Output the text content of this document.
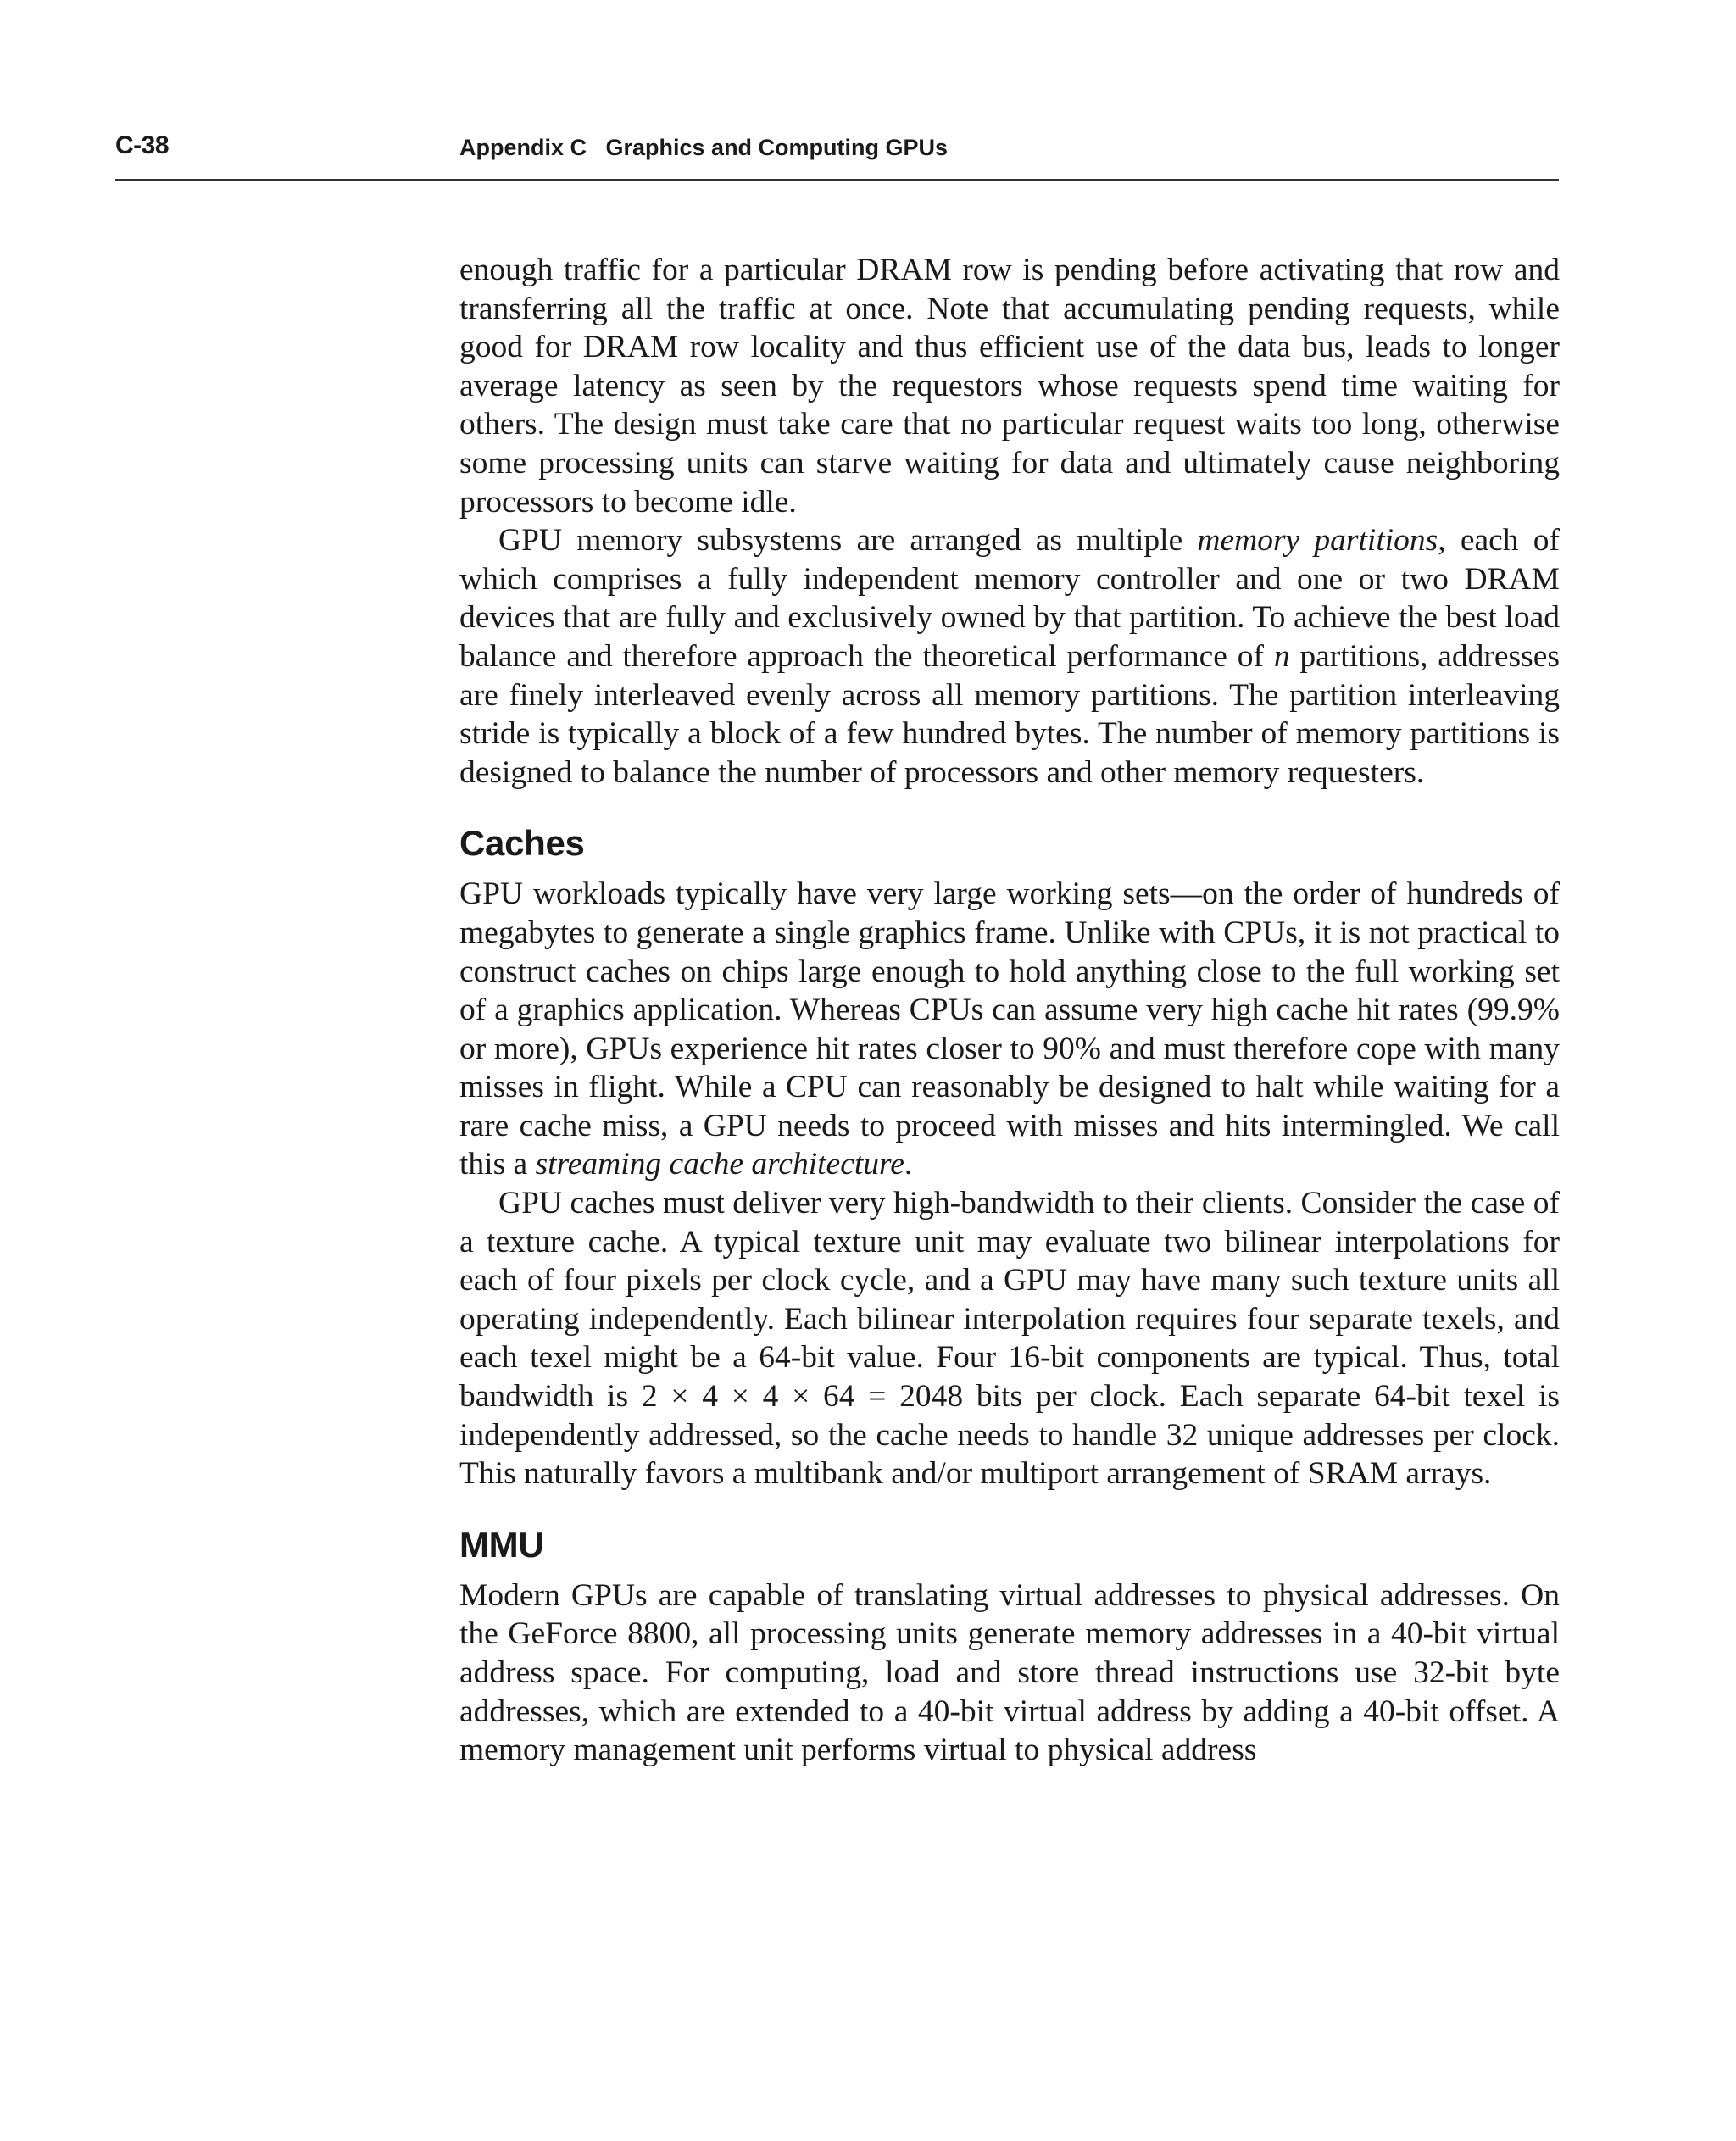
C-38	Appendix C   Graphics and Computing GPUs

enough traffic for a particular DRAM row is pending before activating that row and transferring all the traffic at once. Note that accumulating pending requests, while good for DRAM row locality and thus efficient use of the data bus, leads to longer average latency as seen by the requestors whose requests spend time waiting for others. The design must take care that no particular request waits too long, otherwise some processing units can starve waiting for data and ultimately cause neighboring processors to become idle.

GPU memory subsystems are arranged as multiple memory partitions, each of which comprises a fully independent memory controller and one or two DRAM devices that are fully and exclusively owned by that partition. To achieve the best load balance and therefore approach the theoretical performance of n partitions, addresses are finely interleaved evenly across all memory partitions. The partition interleaving stride is typically a block of a few hundred bytes. The number of memory partitions is designed to balance the number of processors and other memory requesters.

Caches

GPU workloads typically have very large working sets—on the order of hundreds of megabytes to generate a single graphics frame. Unlike with CPUs, it is not practical to construct caches on chips large enough to hold anything close to the full working set of a graphics application. Whereas CPUs can assume very high cache hit rates (99.9% or more), GPUs experience hit rates closer to 90% and must therefore cope with many misses in flight. While a CPU can reasonably be designed to halt while waiting for a rare cache miss, a GPU needs to proceed with misses and hits intermingled. We call this a streaming cache architecture.

GPU caches must deliver very high-bandwidth to their clients. Consider the case of a texture cache. A typical texture unit may evaluate two bilinear interpolations for each of four pixels per clock cycle, and a GPU may have many such texture units all operating independently. Each bilinear interpolation requires four separate texels, and each texel might be a 64-bit value. Four 16-bit components are typical. Thus, total bandwidth is 2 × 4 × 4 × 64 = 2048 bits per clock. Each separate 64-bit texel is independently addressed, so the cache needs to handle 32 unique addresses per clock. This naturally favors a multibank and/or multiport arrangement of SRAM arrays.

MMU

Modern GPUs are capable of translating virtual addresses to physical addresses. On the GeForce 8800, all processing units generate memory addresses in a 40-bit virtual address space. For computing, load and store thread instructions use 32-bit byte addresses, which are extended to a 40-bit virtual address by adding a 40-bit offset. A memory management unit performs virtual to physical address
